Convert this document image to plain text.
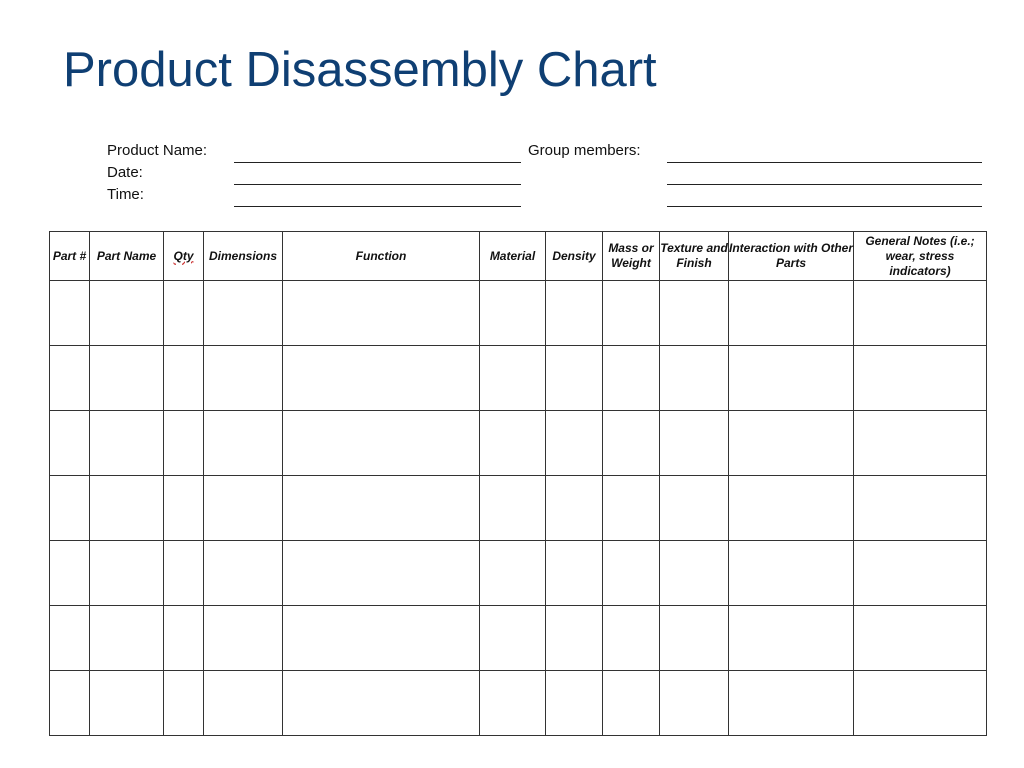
Product Disassembly Chart
Product Name:
Date:
Time:
Group members:
Part #	Part Name	Qty	Dimensions	Function	Material	Density	Mass or Weight	Texture and Finish	Interaction with Other Parts	General Notes (i.e.; wear, stress indicators)
